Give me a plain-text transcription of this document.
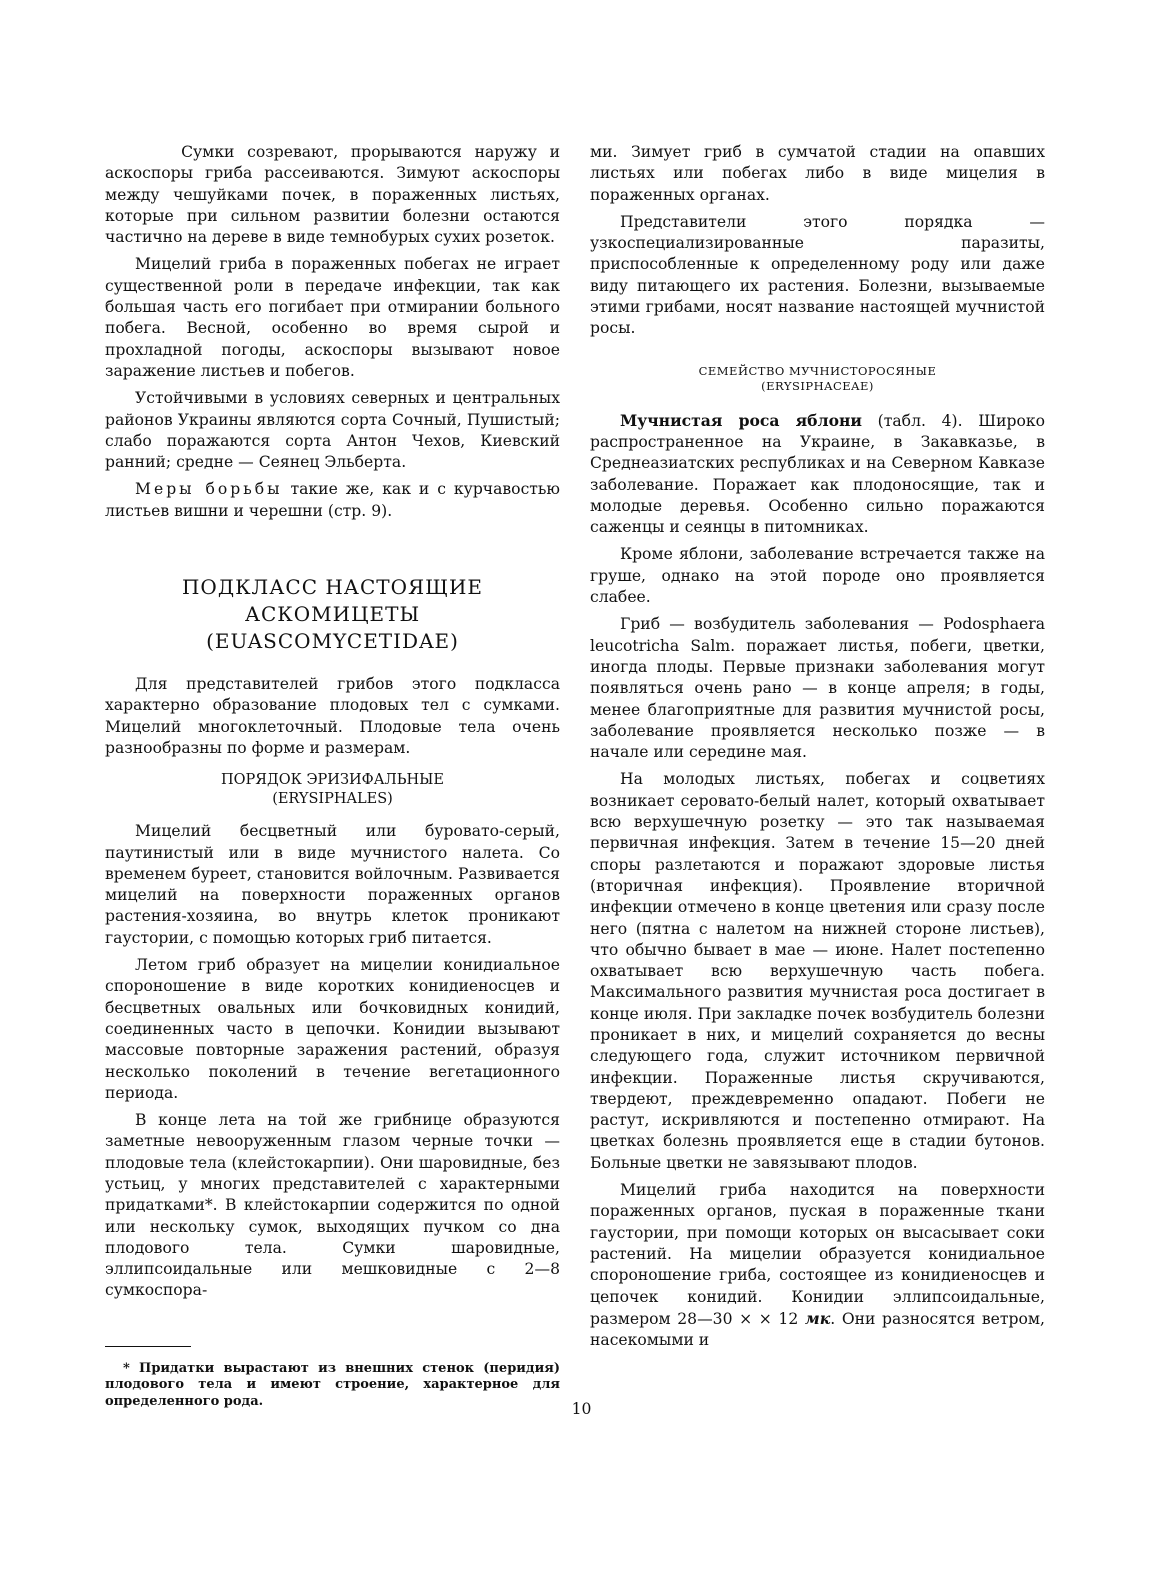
Сумки созревают, прорываются наружу и аскоспоры гриба рассеиваются. Зимуют аскоспоры между чешуйками почек, в пораженных листьях, которые при сильном развитии болезни остаются частично на дереве в виде темнобурых сухих розеток.

Мицелий гриба в пораженных побегах не играет существенной роли в передаче инфекции, так как большая часть его погибает при отмирании больного побега. Весной, особенно во время сырой и прохладной погоды, аскоспоры вызывают новое заражение листьев и побегов.

Устойчивыми в условиях северных и центральных районов Украины являются сорта Сочный, Пушистый; слабо поражаются сорта Антон Чехов, Киевский ранний; средне — Сеянец Эльберта.

Меры борьбы такие же, как и с курчавостью листьев вишни и черешни (стр. 9).

ПОДКЛАСС НАСТОЯЩИЕ АСКОМИЦЕТЫ
(EUASCOMYCETIDAE)

Для представителей грибов этого подкласса характерно образование плодовых тел с сумками. Мицелий многоклеточный. Плодовые тела очень разнообразны по форме и размерам.

ПОРЯДОК ЭРИЗИФАЛЬНЫЕ
(ERYSIPHALES)

Мицелий бесцветный или буровато-серый, паутинистый или в виде мучнистого налета. Со временем буреет, становится войлочным. Развивается мицелий на поверхности пораженных органов растения-хозяина, во внутрь клеток проникают гаустории, с помощью которых гриб питается.

Летом гриб образует на мицелии конидиальное спороношение в виде коротких конидиеносцев и бесцветных овальных или бочковидных конидий, соединенных часто в цепочки. Конидии вызывают массовые повторные заражения растений, образуя несколько поколений в течение вегетационного периода.

В конце лета на той же грибнице образуются заметные невооруженным глазом черные точки — плодовые тела (клейстокарпии). Они шаровидные, без устьиц, у многих представителей с характерными придатками*. В клейстокарпии содержится по одной или нескольку сумок, выходящих пучком со дна плодового тела. Сумки шаровидные, эллипсоидальные или мешковидные с 2—8 сумкоспора-

* Придатки вырастают из внешних стенок (перидия) плодового тела и имеют строение, характерное для определенного рода.

ми. Зимует гриб в сумчатой стадии на опавших листьях или побегах либо в виде мицелия в пораженных органах.

Представители этого порядка — узкоспециализированные паразиты, приспособленные к определенному роду или даже виду питающего их растения. Болезни, вызываемые этими грибами, носят название настоящей мучнистой росы.

СЕМЕЙСТВО МУЧНИСТОРОСЯНЫЕ
(ERYSIPHACEAE)

Мучнистая роса яблони (табл. 4). Широко распространенное на Украине, в Закавказье, в Среднеазиатских республиках и на Северном Кавказе заболевание. Поражает как плодоносящие, так и молодые деревья. Особенно сильно поражаются саженцы и сеянцы в питомниках.

Кроме яблони, заболевание встречается также на груше, однако на этой породе оно проявляется слабее.

Гриб — возбудитель заболевания — Podosphaera leucotricha Salm. поражает листья, побеги, цветки, иногда плоды. Первые признаки заболевания могут появляться очень рано — в конце апреля; в годы, менее благоприятные для развития мучнистой росы, заболевание проявляется несколько позже — в начале или середине мая.

На молодых листьях, побегах и соцветиях возникает серовато-белый налет, который охватывает всю верхушечную розетку — это так называемая первичная инфекция. Затем в течение 15—20 дней споры разлетаются и поражают здоровые листья (вторичная инфекция). Проявление вторичной инфекции отмечено в конце цветения или сразу после него (пятна с налетом на нижней стороне листьев), что обычно бывает в мае — июне. Налет постепенно охватывает всю верхушечную часть побега. Максимального развития мучнистая роса достигает в конце июля. При закладке почек возбудитель болезни проникает в них, и мицелий сохраняется до весны следующего года, служит источником первичной инфекции. Пораженные листья скручиваются, твердеют, преждевременно опадают. Побеги не растут, искривляются и постепенно отмирают. На цветках болезнь проявляется еще в стадии бутонов. Больные цветки не завязывают плодов.

Мицелий гриба находится на поверхности пораженных органов, пуская в пораженные ткани гаустории, при помощи которых он высасывает соки растений. На мицелии образуется конидиальное спороношение гриба, состоящее из конидиеносцев и цепочек конидий. Конидии эллипсоидальные, размером 28—30 × × 12 мк. Они разносятся ветром, насекомыми и

10
